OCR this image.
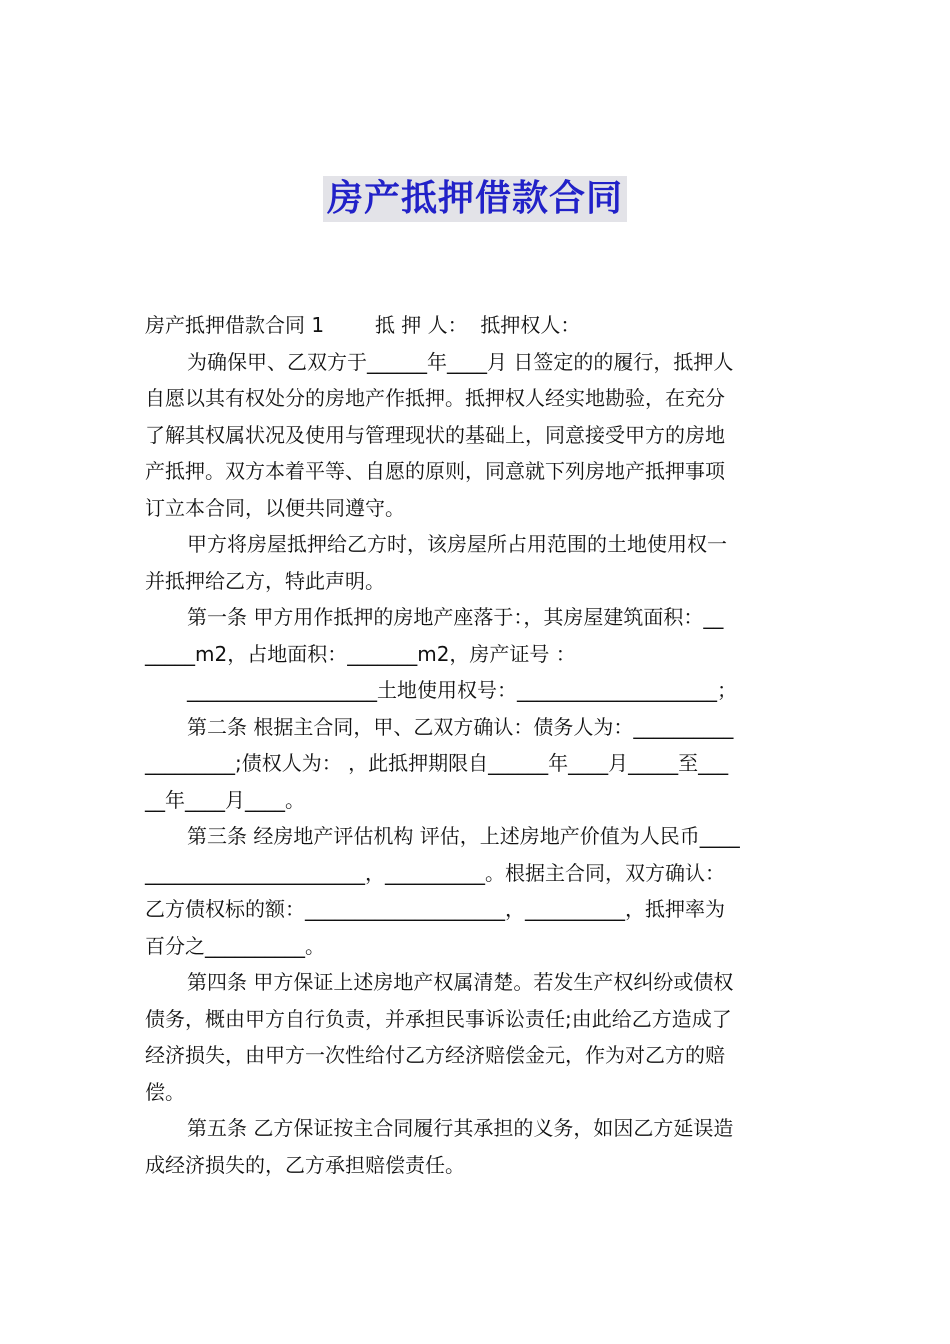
房产抵押借款合同
房产抵押借款合同 1        抵 押 人：  抵押权人：
为确保甲、乙双方于______年____月 日签定的的履行，抵押人
自愿以其有权处分的房地产作抵押。抵押权人经实地勘验，在充分
了解其权属状况及使用与管理现状的基础上，同意接受甲方的房地
产抵押。双方本着平等、自愿的原则，同意就下列房地产抵押事项
订立本合同，以便共同遵守。
甲方将房屋抵押给乙方时，该房屋所占用范围的土地使用权一
并抵押给乙方，特此声明。
第一条 甲方用作抵押的房地产座落于：，其房屋建筑面积：__
_____m2，占地面积：_______m2，房产证号 ：
___________________土地使用权号：____________________；
第二条 根据主合同，甲、乙双方确认：债务人为：__________
_________;债权人为： ，此抵押期限自______年____月_____至___
__年____月____。
第三条 经房地产评估机构 评估，上述房地产价值为人民币____
______________________，__________。根据主合同，双方确认：
乙方债权标的额：____________________，__________，抵押率为
百分之__________。
第四条 甲方保证上述房地产权属清楚。若发生产权纠纷或债权
债务，概由甲方自行负责，并承担民事诉讼责任;由此给乙方造成了
经济损失，由甲方一次性给付乙方经济赔偿金元，作为对乙方的赔
偿。
第五条 乙方保证按主合同履行其承担的义务，如因乙方延误造
成经济损失的，乙方承担赔偿责任。
